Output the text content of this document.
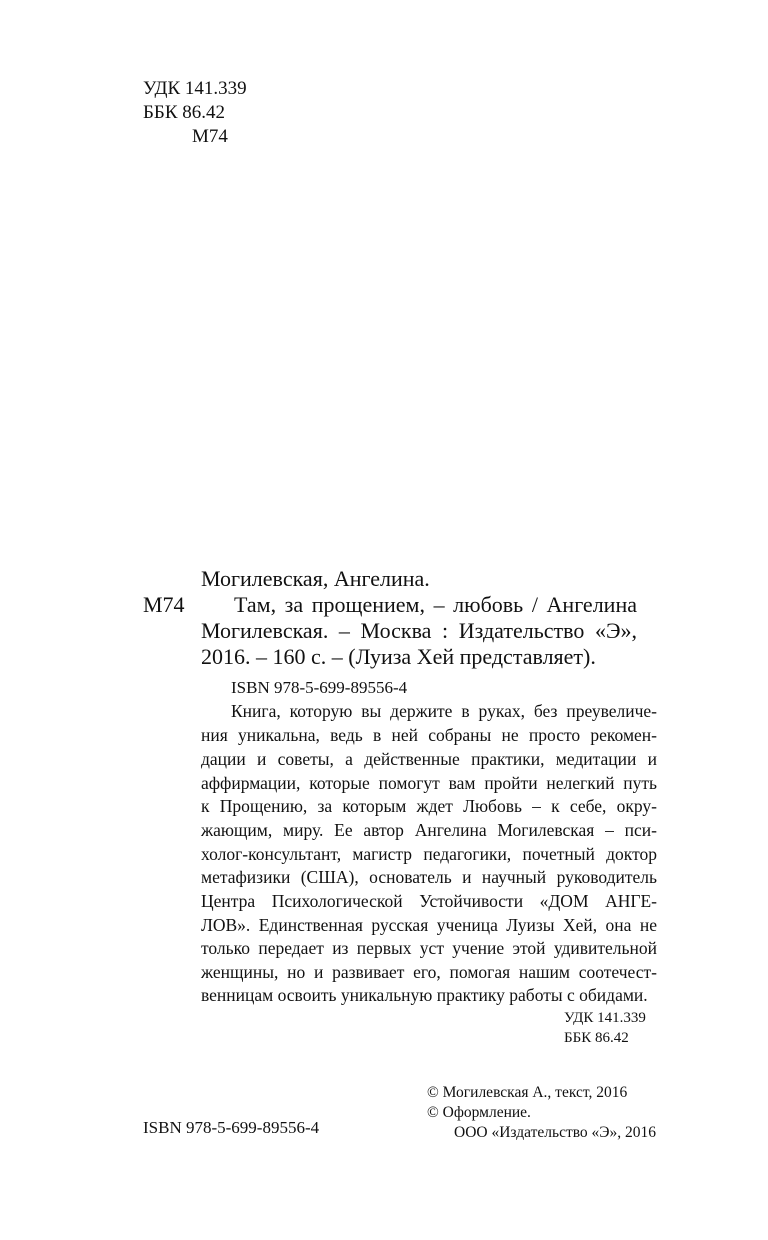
УДК 141.339
ББК 86.42
М74
Могилевская, Ангелина.
М74 Там, за прощением, – любовь / Ангелина
Могилевская. – Москва : Издательство «Э»,
2016. – 160 с. – (Луиза Хей представляет).
ISBN 978-5-699-89556-4
Книга, которую вы держите в руках, без преувеличе-
ния уникальна, ведь в ней собраны не просто рекомен-
дации и советы, а действенные практики, медитации и
аффирмации, которые помогут вам пройти нелегкий путь
к Прощению, за которым ждет Любовь – к себе, окру-
жающим, миру. Ее автор Ангелина Могилевская – пси-
холог-консультант, магистр педагогики, почетный доктор
метафизики (США), основатель и научный руководитель
Центра Психологической Устойчивости «ДОМ АНГЕ-
ЛОВ». Единственная русская ученица Луизы Хей, она не
только передает из первых уст учение этой удивительной
женщины, но и развивает его, помогая нашим соотечест-
венницам освоить уникальную практику работы с обидами.
УДК 141.339
ББК 86.42
© Могилевская А., текст, 2016
© Оформление.
ООО «Издательство «Э», 2016
ISBN 978-5-699-89556-4
